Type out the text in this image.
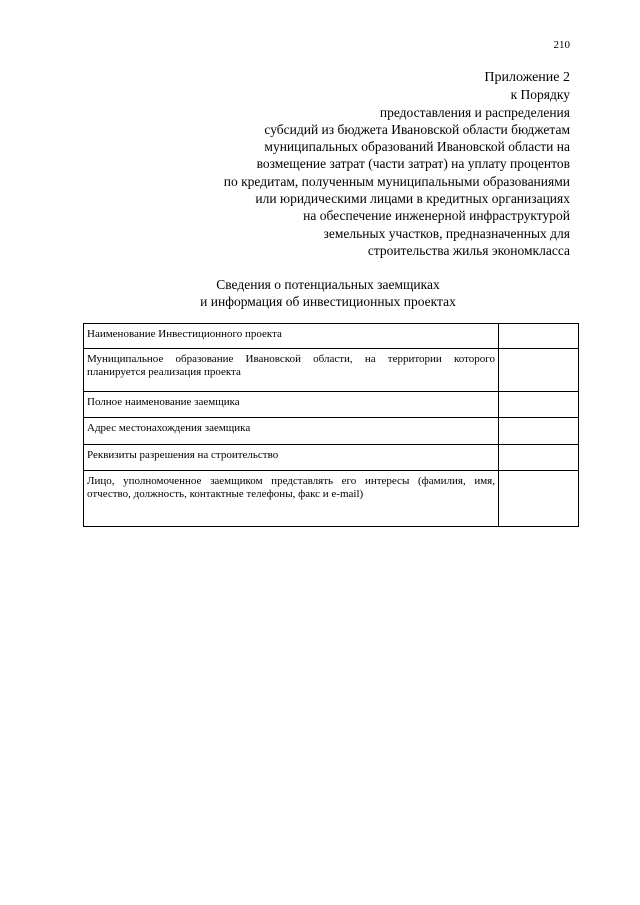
210
Приложение 2
к Порядку
предоставления и распределения
субсидий из бюджета Ивановской области бюджетам
муниципальных образований Ивановской области на
возмещение затрат (части затрат) на уплату процентов
по кредитам, полученным муниципальными образованиями
или юридическими лицами в кредитных организациях
на обеспечение инженерной инфраструктурой
земельных участков, предназначенных для
строительства жилья экономкласса
Сведения о потенциальных заемщиках
и информация об инвестиционных проектах
Наименование Инвестиционного проекта	
Муниципальное образование Ивановской области, на территории которого планируется реализация проекта	
Полное наименование заемщика	
Адрес местонахождения заемщика	
Реквизиты разрешения на строительство	
Лицо, уполномоченное заемщиком представлять его интересы (фамилия, имя, отчество, должность, контактные телефоны, факс и e-mail)	
